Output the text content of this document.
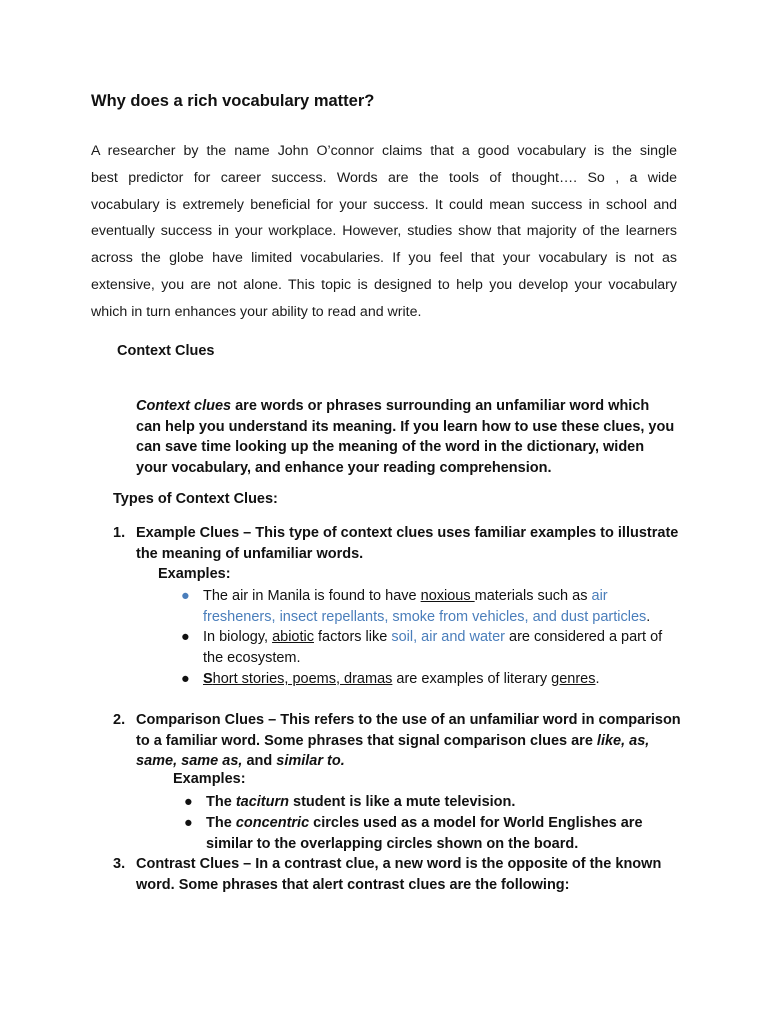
Why does a rich vocabulary matter?

A researcher by the name John O’connor claims that a good vocabulary is the single
best predictor for career success. Words are the tools of thought…. So , a wide
vocabulary is extremely beneficial for your success. It could mean success in school and
eventually success in your workplace. However, studies show that majority of the learners
across the globe have limited vocabularies. If you feel that your vocabulary is not as
extensive, you are not alone. This topic is designed to help you develop your vocabulary
which in turn enhances your ability to read and write.

Context Clues

Context clues are words or phrases surrounding an unfamiliar word which can help you understand its meaning. If you learn how to use these clues, you can save time looking up the meaning of the word in the dictionary, widen your vocabulary, and enhance your reading comprehension.

Types of Context Clues:
1. Example Clues – This type of context clues uses familiar examples to illustrate the meaning of unfamiliar words.
Examples:
● The air in Manila is found to have noxious materials such as air fresheners, insect repellants, smoke from vehicles, and dust particles.
● In biology, abiotic factors like soil, air and water are considered a part of the ecosystem.
● Short stories, poems, dramas are examples of literary genres.
2. Comparison Clues – This refers to the use of an unfamiliar word in comparison to a familiar word. Some phrases that signal comparison clues are like, as, same, same as, and similar to.
Examples:
● The taciturn student is like a mute television.
● The concentric circles used as a model for World Englishes are similar to the overlapping circles shown on the board.
3. Contrast Clues – In a contrast clue, a new word is the opposite of the known word. Some phrases that alert contrast clues are the following:
